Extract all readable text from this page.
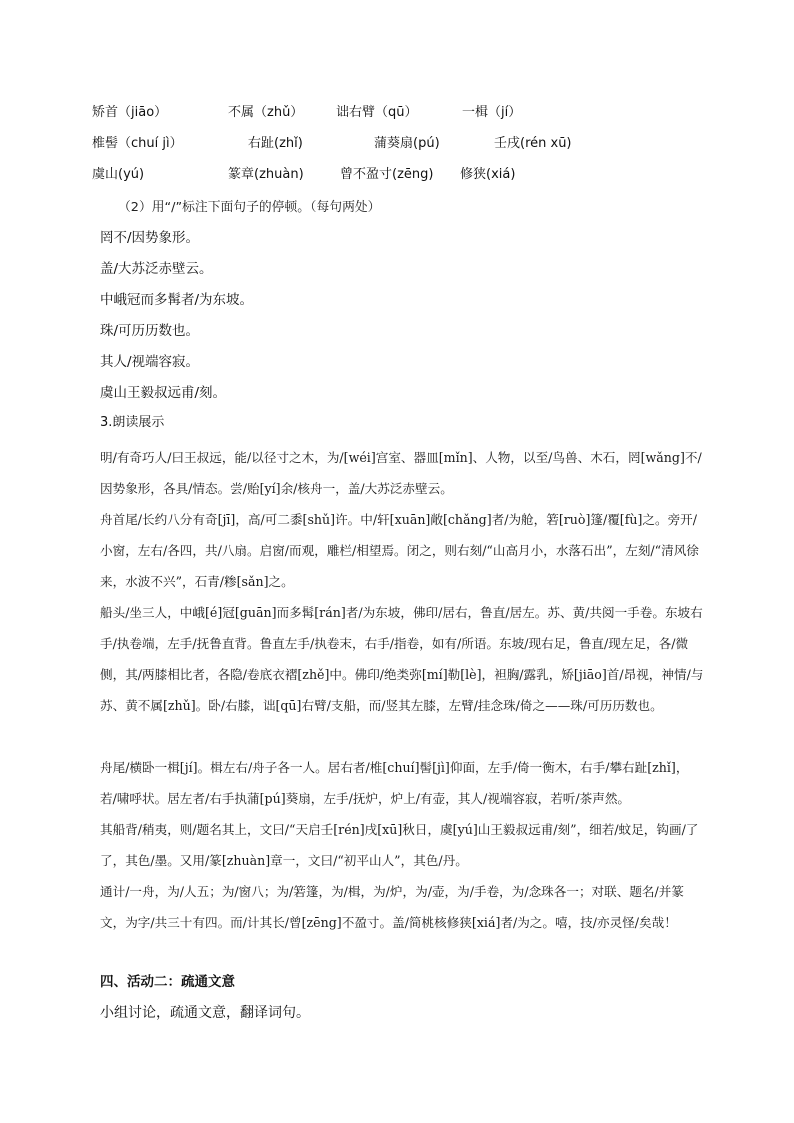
矫首（jiāo）	不属（zhǔ）	诎右臂（qū）	一楫（jí）
椎髻（chuí jì）	右趾(zhǐ)	蒲葵扇(pú)	壬戌(rén xū)
虞山(yú)	篆章(zhuàn)	曾不盈寸(zēng) 修狭(xiá)
（2）用“/”标注下面句子的停顿。（每句两处）
罔不/因势象形。
盖/大苏泛赤壁云。
中峨冠而多髯者/为东坡。
珠/可历历数也。
其人/视端容寂。
虞山王毅叔远甫/刻。
3.朗读展示
明/有奇巧人/曰王叔远，能/以径寸之木，为/[wéi]宫室、器皿[mǐn]、人物，以至/鸟兽、木石，罔[wǎng]不/因势象形，各具/情态。尝/贻[yí]余/核舟一，盖/大苏泛赤壁云。
舟首尾/长约八分有奇[jī]，高/可二黍[shǔ]许。中/轩[xuān]敞[chǎng]者/为舱，箬[ruò]篷/覆[fù]之。旁开/小窗，左右/各四，共/八扇。启窗/而观，雕栏/相望焉。闭之，则右刻/“山高月小，水落石出”，左刻/“清风徐来，水波不兴”，石青/糁[sǎn]之。
船头/坐三人，中峨[é]冠[guān]而多髯[rán]者/为东坡，佛印/居右，鲁直/居左。苏、黄/共阅一手卷。东坡右手/执卷端，左手/抚鲁直背。鲁直左手/执卷末，右手/指卷，如有/所语。东坡/现右足，鲁直/现左足，各/微侧，其/两膝相比者，各隐/卷底衣褶[zhě]中。佛印/绝类弥[mí]勒[lè]，袒胸/露乳，矫[jiāo]首/昂视，神情/与苏、黄不属[zhǔ]。卧/右膝，诎[qū]右臂/支船，而/竖其左膝，左臂/挂念珠/倚之——珠/可历历数也。
舟尾/横卧一楫[jí]。楫左右/舟子各一人。居右者/椎[chuí]髻[jì]仰面，左手/倚一衡木，右手/攀右趾[zhǐ]，若/啸呼状。居左者/右手执蒲[pú]葵扇，左手/抚炉，炉上/有壶，其人/视端容寂，若听/茶声然。
其船背/稍夷，则/题名其上，文曰/“天启壬[rén]戌[xū]秋日，虞[yú]山王毅叔远甫/刻”，细若/蚊足，钩画/了了，其色/墨。又用/篆[zhuàn]章一，文曰/“初平山人”，其色/丹。
通计/一舟，为/人五；为/窗八；为/箬篷，为/楫，为/炉，为/壶，为/手卷，为/念珠各一；对联、题名/并篆文，为字/共三十有四。而/计其长/曾[zēng]不盈寸。盖/简桃核修狭[xiá]者/为之。嘻，技/亦灵怪/矣哉！
四、活动二：疏通文意
小组讨论，疏通文意，翻译词句。
